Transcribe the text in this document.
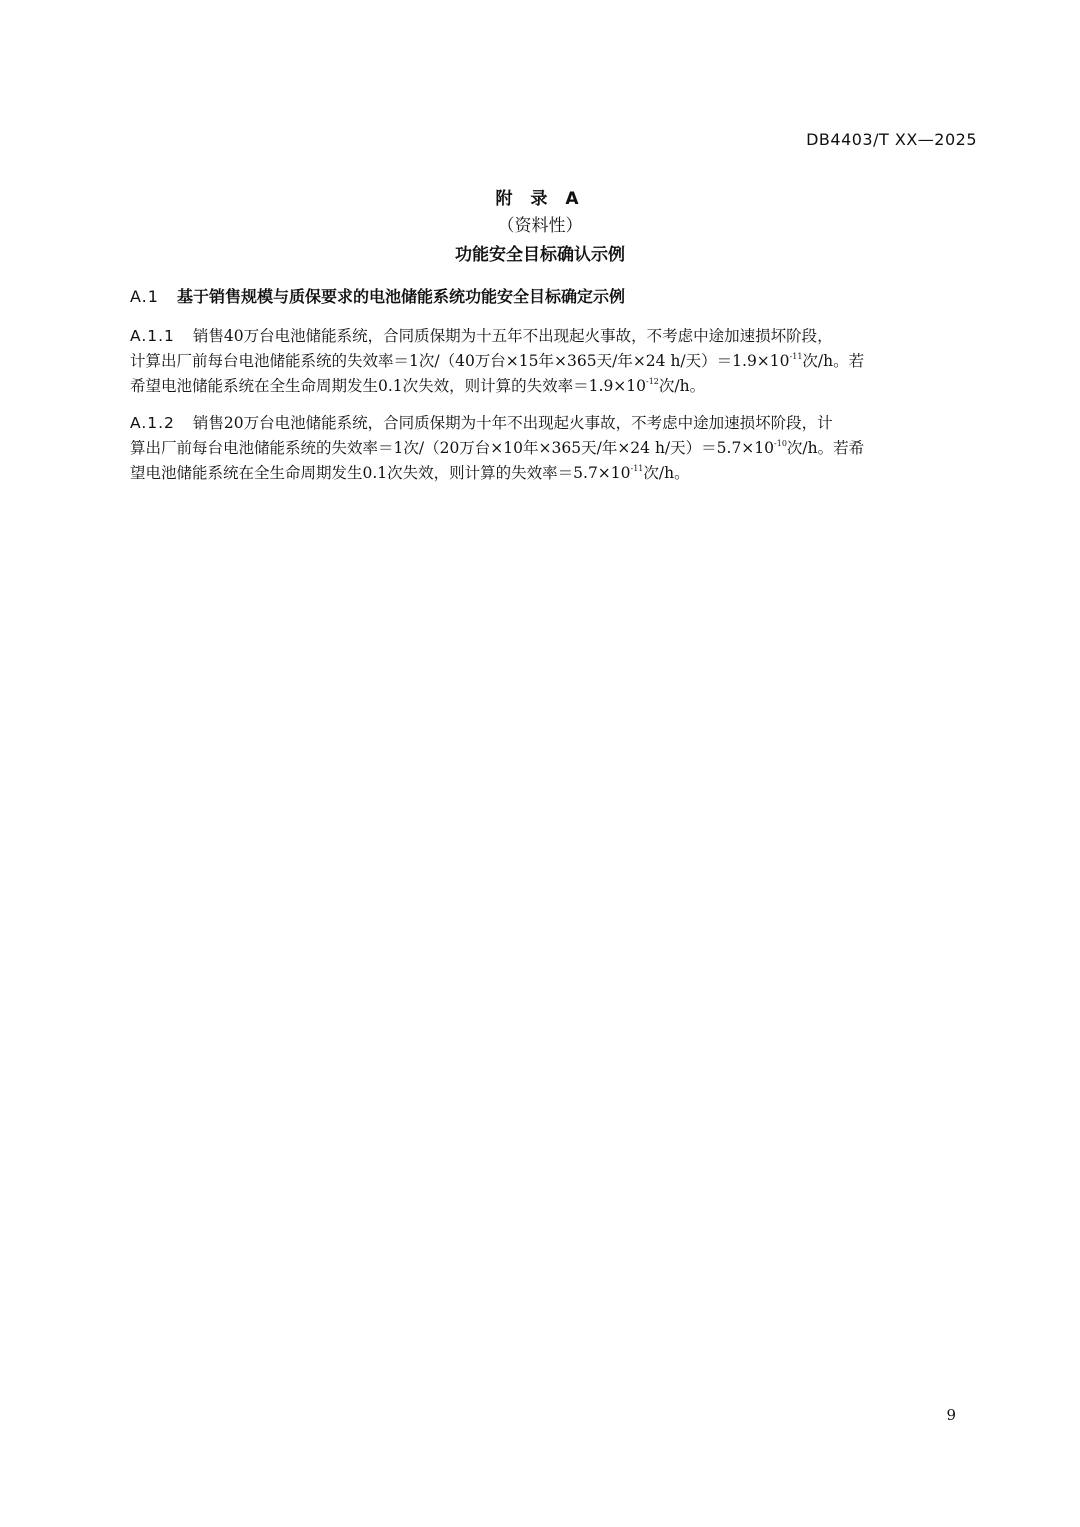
DB4403/T XX—2025
附 录 A
（资料性）
功能安全目标确认示例
A.1 基于销售规模与质保要求的电池储能系统功能安全目标确定示例
A.1.1 销售40万台电池储能系统，合同质保期为十五年不出现起火事故，不考虑中途加速损坏阶段，
计算出厂前每台电池储能系统的失效率＝1次/（40万台×15年×365天/年×24 h/天）$=1.9\times 10^{-11}$次/h。若
希望电池储能系统在全生命周期发生0.1次失效，则计算的失效率$=1.9\times 10^{-12}$次/h。
A.1.2 销售20万台电池储能系统，合同质保期为十年不出现起火事故，不考虑中途加速损坏阶段，计
算出厂前每台电池储能系统的失效率＝1次/（20万台×10年×365天/年×24 h/天）$=5.7\times 10^{-10}$次/h。若希
望电池储能系统在全生命周期发生0.1次失效，则计算的失效率$=5.7\times 10^{-11}$次/h。
9
